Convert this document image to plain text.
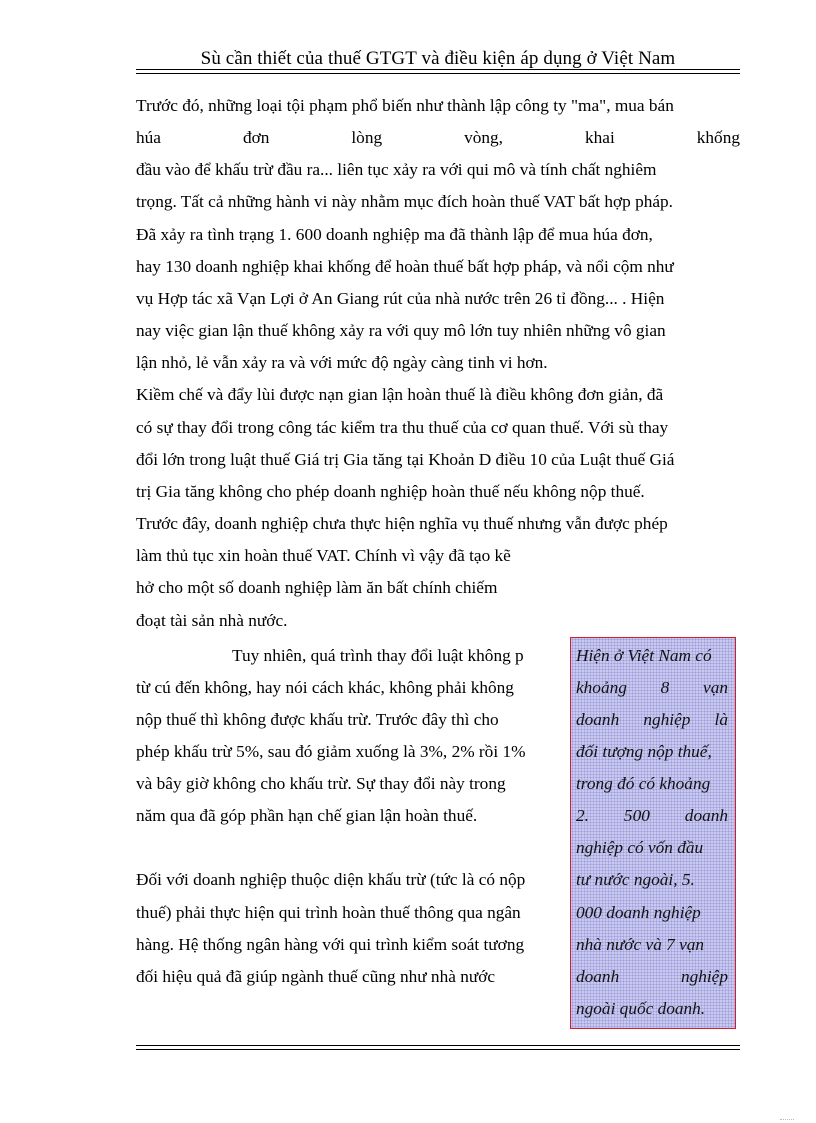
Sù cần thiết của thuế GTGT và điều kiện áp dụng ở Việt Nam
Trước đó, những loại tội phạm phổ biến như thành lập công ty "ma", mua bán
húa	đơn	lòng	vòng,	khai	khống
đầu vào để khấu trừ đầu ra... liên tục xảy ra với qui mô và tính chất nghiêm
trọng. Tất cả những hành vi này nhằm mục đích hoàn thuế VAT bất hợp pháp.
Đã xảy ra tình trạng 1. 600 doanh nghiệp ma đã thành lập để mua húa đơn,
hay 130 doanh nghiệp khai khống để hoàn thuế bất hợp pháp, và nổi cộm như
vụ Hợp tác xã Vạn Lợi ở An Giang rút của nhà nước trên 26 tỉ đồng... . Hiện
nay việc gian lận thuế không xảy ra với quy mô lớn tuy nhiên những vô gian
lận nhỏ, lẻ vẫn xảy ra và với mức độ ngày càng tinh vi hơn.
Kiềm chế và đẩy lùi được nạn gian lận hoàn thuế là điều không đơn giản, đã
có sự thay đổi trong công tác kiểm tra thu thuế của cơ quan thuế. Với sù thay
đổi lớn trong luật thuế Giá trị Gia tăng tại Khoản D điều 10 của Luật thuế Giá
trị Gia tăng không cho phép doanh nghiệp hoàn thuế nếu không nộp thuế.
Trước đây, doanh nghiệp chưa thực hiện nghĩa vụ thuế nhưng vẫn được phép
làm thủ tục xin hoàn thuế VAT. Chính vì vậy đã tạo kẽ
hở cho một số doanh nghiệp làm ăn bất chính chiếm
đoạt tài sản nhà nước.
Tuy nhiên, quá trình thay đổi luật không p
từ cú đến không, hay nói cách khác, không phải không
nộp thuế thì không được khấu trừ. Trước đây thì cho
phép khấu trừ 5%, sau đó giảm xuống là 3%, 2% rồi 1%
và bây giờ không cho khấu trừ. Sự thay đổi này trong
năm qua đã góp phần hạn chế gian lận hoàn thuế.
Đối với doanh nghiệp thuộc diện khấu trừ (tức là có nộp
thuế) phải thực hiện qui trình hoàn thuế thông qua ngân
hàng. Hệ thống ngân hàng với qui trình kiểm soát tương
đối hiệu quả đã giúp ngành thuế cũng như nhà nước
Hiện ở Việt Nam có
khoảng 8 vạn
doanh nghiệp là
đối tượng nộp thuế,
trong đó có khoảng
2. 500 doanh
nghiệp có vốn đầu
tư nước ngoài, 5.
000 doanh nghiệp
nhà nước và 7 vạn
doanh	nghiệp
ngoài quốc doanh.
